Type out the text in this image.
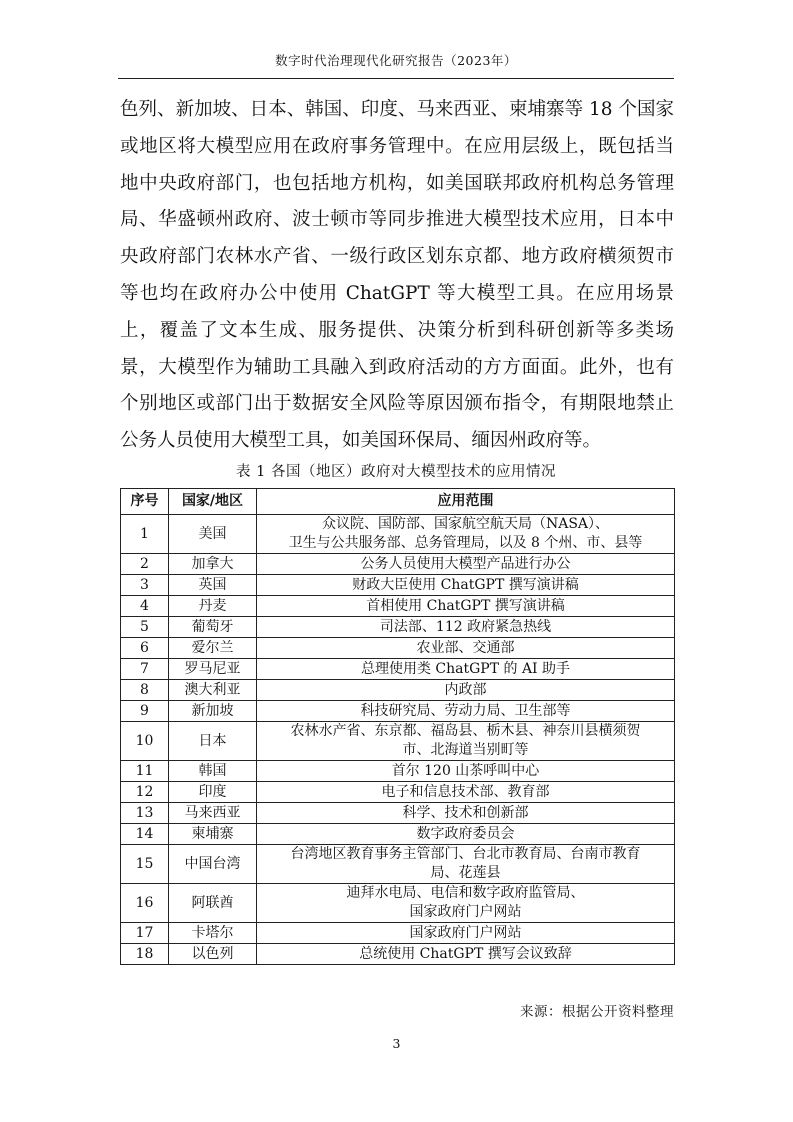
数字时代治理现代化研究报告（2023年）
色列、新加坡、日本、韩国、印度、马来西亚、柬埔寨等 18 个国家或地区将大模型应用在政府事务管理中。在应用层级上，既包括当地中央政府部门，也包括地方机构，如美国联邦政府机构总务管理局、华盛顿州政府、波士顿市等同步推进大模型技术应用，日本中央政府部门农林水产省、一级行政区划东京都、地方政府横须贺市等也均在政府办公中使用 ChatGPT 等大模型工具。在应用场景上，覆盖了文本生成、服务提供、决策分析到科研创新等多类场景，大模型作为辅助工具融入到政府活动的方方面面。此外，也有个别地区或部门出于数据安全风险等原因颁布指令，有期限地禁止公务人员使用大模型工具，如美国环保局、缅因州政府等。
表 1 各国（地区）政府对大模型技术的应用情况
序号	国家/地区	应用范围
1	美国	众议院、国防部、国家航空航天局（NASA）、
卫生与公共服务部、总务管理局，以及 8 个州、市、县等

2	加拿大	公务人员使用大模型产品进行办公

3	英国	财政大臣使用 ChatGPT 撰写演讲稿

4	丹麦	首相使用 ChatGPT 撰写演讲稿

5	葡萄牙	司法部、112 政府紧急热线

6	爱尔兰	农业部、交通部

7	罗马尼亚	总理使用类 ChatGPT 的 AI 助手

8	澳大利亚	内政部

9	新加坡	科技研究局、劳动力局、卫生部等

10	日本	农林水产省、东京都、福岛县、栃木县、神奈川县横须贺
市、北海道当别町等

11	韩国	首尔 120 山茶呼叫中心

12	印度	电子和信息技术部、教育部

13	马来西亚	科学、技术和创新部

14	柬埔寨	数字政府委员会

15	中国台湾	台湾地区教育事务主管部门、台北市教育局、台南市教育
局、花莲县

16	阿联酋	迪拜水电局、电信和数字政府监管局、
国家政府门户网站

17	卡塔尔	国家政府门户网站

18	以色列	总统使用 ChatGPT 撰写会议致辞
来源：根据公开资料整理
3
